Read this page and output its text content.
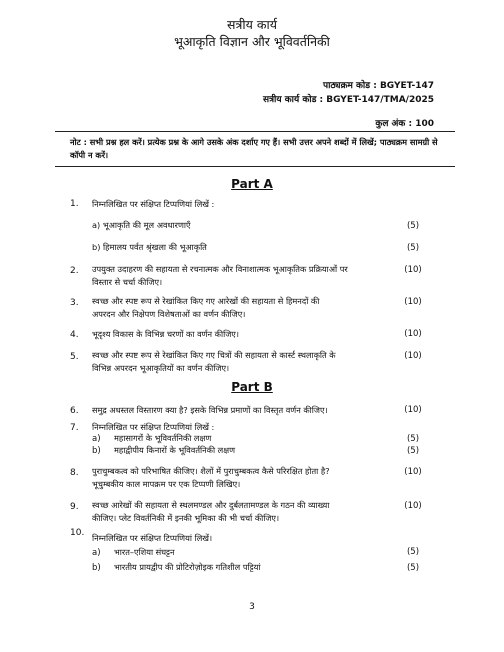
सत्रीय कार्य
भूआकृति विज्ञान और भूविवर्तनिकी
पाठ्यक्रम कोड : BGYET-147
सत्रीय कार्य कोड : BGYET-147/TMA/2025
कुल अंक : 100
नोट : सभी प्रश्न हल करें। प्रत्येक प्रश्न के आगे उसके अंक दर्शाए गए हैं। सभी उत्तर अपने शब्दों में लिखें; पाठ्यक्रम सामग्री से कॉपी न करें।
Part A
1. निम्नलिखित पर संक्षिप्त टिप्पणियां लिखें :
a) भूआकृति की मूल अवधारणाएँ	(5)
b) हिमालय पर्वत श्रृंखला की भूआकृति	(5)
2. उपयुक्त उदाहरण की सहायता से रचनात्मक और विनाशात्मक भूआकृतिक प्रक्रियाओं पर
विस्तार से चर्चा कीजिए।
(10)
3. स्वच्छ और स्पष्ट रूप से रेखांकित किए गए आरेखों की सहायता से हिमनदों की
अपरदन और निक्षेपण विशेषताओं का वर्णन कीजिए।
(10)
4. भूदृश्य विकास के विभिन्न चरणों का वर्णन कीजिए।	(10)
5. स्वच्छ और स्पष्ट रूप से रेखांकित किए गए चित्रों की सहायता से कार्स्ट स्थलाकृति के
विभिन्न अपरदन भूआकृतियों का वर्णन कीजिए।
(10)
Part B
6. समुद्र अधस्तल विस्तारण क्या है? इसके विभिन्न प्रमाणों का विस्तृत वर्णन कीजिए।	(10)
7. निम्नलिखित पर संक्षिप्त टिप्पणियां लिखें :
a) महासागरों के भूविवर्तनिकी लक्षण	(5)
b) महाद्वीपीय किनारों के भूविवर्तनिकी लक्षण	(5)
8. पुराचुम्बकत्व को परिभाषित कीजिए। शैलों में पुराचुम्बकत्व कैसे परिरक्षित होता है?
भूचुम्बकीय काल मापक्रम पर एक टिप्पणी लिखिए।
(10)
9. स्वच्छ आरेखों की सहायता से स्थलमण्डल और दुर्बलतामण्डल के गठन की व्याख्या
कीजिए। प्लेट विवर्तनिकी में इनकी भूमिका की भी चर्चा कीजिए।
(10)
10. निम्नलिखित पर संक्षिप्त टिप्पणियां लिखें।
a) भारत–एशिया संघट्टन	(5)
b) भारतीय प्रायद्वीप की प्रोटिरोज़ोइक गतिशील पट्टियां	(5)
3
